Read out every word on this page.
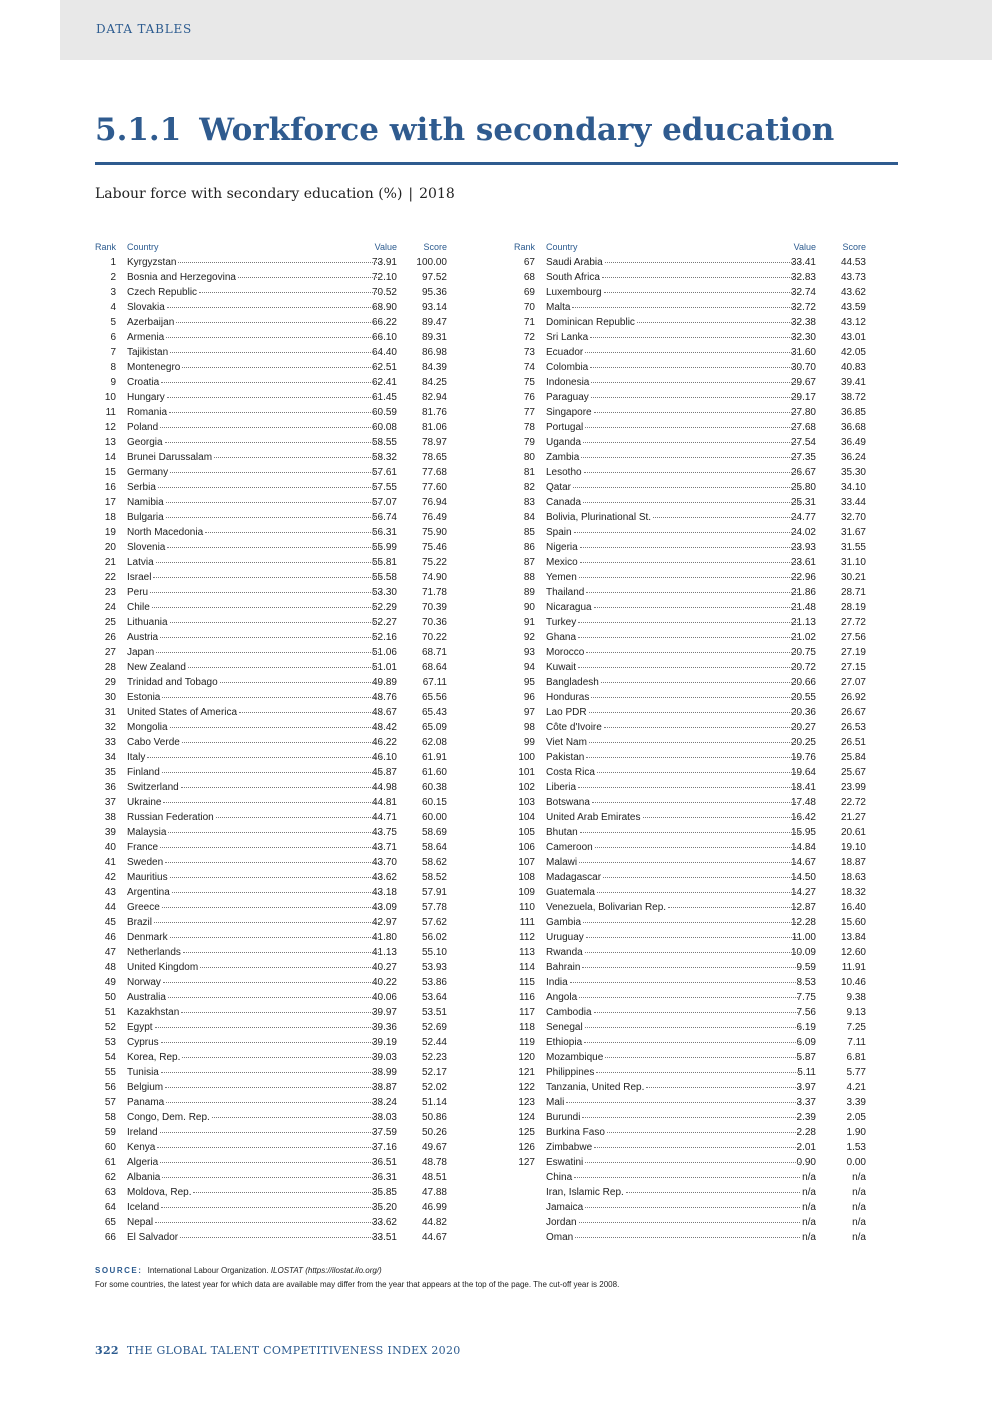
DATA TABLES
5.1.1 Workforce with secondary education
Labour force with secondary education (%) | 2018
Rank Country	Value	Score
1 Kyrgyzstan	73.91	100.00
2 Bosnia and Herzegovina	72.10	97.52
3 Czech Republic	70.52	95.36
4 Slovakia	68.90	93.14
5 Azerbaijan	66.22	89.47
6 Armenia	66.10	89.31
7 Tajikistan	64.40	86.98
8 Montenegro	62.51	84.39
9 Croatia	62.41	84.25
10 Hungary	61.45	82.94
11 Romania	60.59	81.76
12 Poland	60.08	81.06
13 Georgia	58.55	78.97
14 Brunei Darussalam	58.32	78.65
15 Germany	57.61	77.68
16 Serbia	57.55	77.60
17 Namibia	57.07	76.94
18 Bulgaria	56.74	76.49
19 North Macedonia	56.31	75.90
20 Slovenia	55.99	75.46
21 Latvia	55.81	75.22
22 Israel	55.58	74.90
23 Peru	53.30	71.78
24 Chile	52.29	70.39
25 Lithuania	52.27	70.36
26 Austria	52.16	70.22
27 Japan	51.06	68.71
28 New Zealand	51.01	68.64
29 Trinidad and Tobago	49.89	67.11
30 Estonia	48.76	65.56
31 United States of America	48.67	65.43
32 Mongolia	48.42	65.09
33 Cabo Verde	46.22	62.08
34 Italy	46.10	61.91
35 Finland	45.87	61.60
36 Switzerland	44.98	60.38
37 Ukraine	44.81	60.15
38 Russian Federation	44.71	60.00
39 Malaysia	43.75	58.69
40 France	43.71	58.64
41 Sweden	43.70	58.62
42 Mauritius	43.62	58.52
43 Argentina	43.18	57.91
44 Greece	43.09	57.78
45 Brazil	42.97	57.62
46 Denmark	41.80	56.02
47 Netherlands	41.13	55.10
48 United Kingdom	40.27	53.93
49 Norway	40.22	53.86
50 Australia	40.06	53.64
51 Kazakhstan	39.97	53.51
52 Egypt	39.36	52.69
53 Cyprus	39.19	52.44
54 Korea, Rep.	39.03	52.23
55 Tunisia	38.99	52.17
56 Belgium	38.87	52.02
57 Panama	38.24	51.14
58 Congo, Dem. Rep.	38.03	50.86
59 Ireland	37.59	50.26
60 Kenya	37.16	49.67
61 Algeria	36.51	48.78
62 Albania	36.31	48.51
63 Moldova, Rep.	35.85	47.88
64 Iceland	35.20	46.99
65 Nepal	33.62	44.82
66 El Salvador	33.51	44.67
Rank Country	Value	Score
67 Saudi Arabia	33.41	44.53
68 South Africa	32.83	43.73
69 Luxembourg	32.74	43.62
70 Malta	32.72	43.59
71 Dominican Republic	32.38	43.12
72 Sri Lanka	32.30	43.01
73 Ecuador	31.60	42.05
74 Colombia	30.70	40.83
75 Indonesia	29.67	39.41
76 Paraguay	29.17	38.72
77 Singapore	27.80	36.85
78 Portugal	27.68	36.68
79 Uganda	27.54	36.49
80 Zambia	27.35	36.24
81 Lesotho	26.67	35.30
82 Qatar	25.80	34.10
83 Canada	25.31	33.44
84 Bolivia, Plurinational St.	24.77	32.70
85 Spain	24.02	31.67
86 Nigeria	23.93	31.55
87 Mexico	23.61	31.10
88 Yemen	22.96	30.21
89 Thailand	21.86	28.71
90 Nicaragua	21.48	28.19
91 Turkey	21.13	27.72
92 Ghana	21.02	27.56
93 Morocco	20.75	27.19
94 Kuwait	20.72	27.15
95 Bangladesh	20.66	27.07
96 Honduras	20.55	26.92
97 Lao PDR	20.36	26.67
98 Côte d'Ivoire	20.27	26.53
99 Viet Nam	20.25	26.51
100 Pakistan	19.76	25.84
101 Costa Rica	19.64	25.67
102 Liberia	18.41	23.99
103 Botswana	17.48	22.72
104 United Arab Emirates	16.42	21.27
105 Bhutan	15.95	20.61
106 Cameroon	14.84	19.10
107 Malawi	14.67	18.87
108 Madagascar	14.50	18.63
109 Guatemala	14.27	18.32
110 Venezuela, Bolivarian Rep.	12.87	16.40
111 Gambia	12.28	15.60
112 Uruguay	11.00	13.84
113 Rwanda	10.09	12.60
114 Bahrain	9.59	11.91
115 India	8.53	10.46
116 Angola	7.75	9.38
117 Cambodia	7.56	9.13
118 Senegal	6.19	7.25
119 Ethiopia	6.09	7.11
120 Mozambique	5.87	6.81
121 Philippines	5.11	5.77
122 Tanzania, United Rep.	3.97	4.21
123 Mali	3.37	3.39
124 Burundi	2.39	2.05
125 Burkina Faso	2.28	1.90
126 Zimbabwe	2.01	1.53
127 Eswatini	0.90	0.00
China	n/a	n/a
Iran, Islamic Rep.	n/a	n/a
Jamaica	n/a	n/a
Jordan	n/a	n/a
Oman	n/a	n/a
SOURCE: International Labour Organization. ILOSTAT (https://ilostat.ilo.org/)
For some countries, the latest year for which data are available may differ from the year that appears at the top of the page. The cut-off year is 2008.
322 THE GLOBAL TALENT COMPETITIVENESS INDEX 2020
